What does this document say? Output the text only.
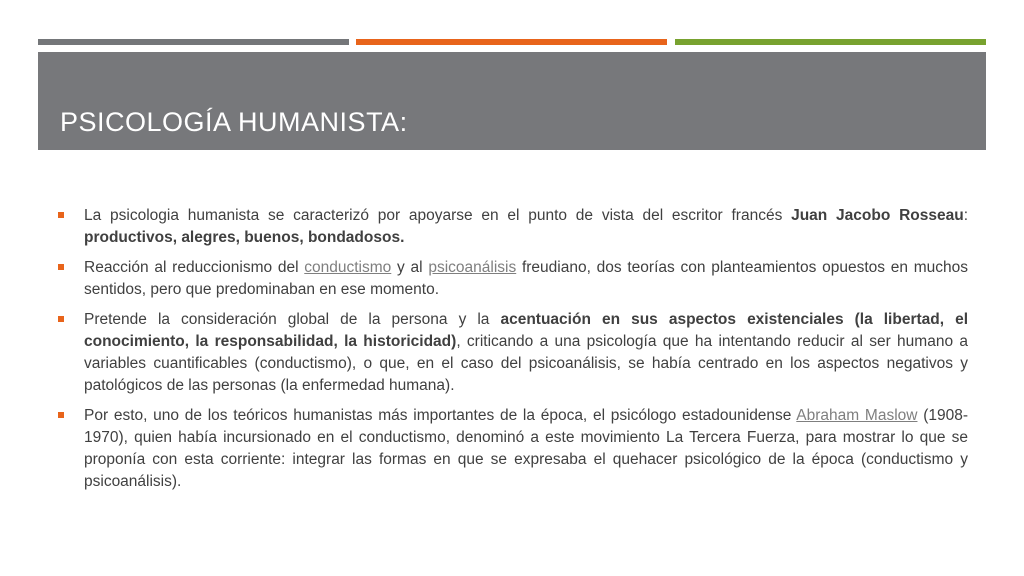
PSICOLOGÍA HUMANISTA:

La psicologia humanista se caracterizó por apoyarse en el punto de vista del escritor francés Juan Jacobo Rosseau: productivos, alegres, buenos, bondadosos.

Reacción al reduccionismo del conductismo y al psicoanálisis freudiano, dos teorías con planteamientos opuestos en muchos sentidos, pero que predominaban en ese momento.

Pretende la consideración global de la persona y la acentuación en sus aspectos existenciales (la libertad, el conocimiento, la responsabilidad, la historicidad), criticando a una psicología que ha intentando reducir al ser humano a variables cuantificables (conductismo), o que, en el caso del psicoanálisis, se había centrado en los aspectos negativos y patológicos de las personas (la enfermedad humana).

Por esto, uno de los teóricos humanistas más importantes de la época, el psicólogo estadounidense Abraham Maslow (1908-1970), quien había incursionado en el conductismo, denominó a este movimiento La Tercera Fuerza, para mostrar lo que se proponía con esta corriente: integrar las formas en que se expresaba el quehacer psicológico de la época (conductismo y psicoanálisis).
